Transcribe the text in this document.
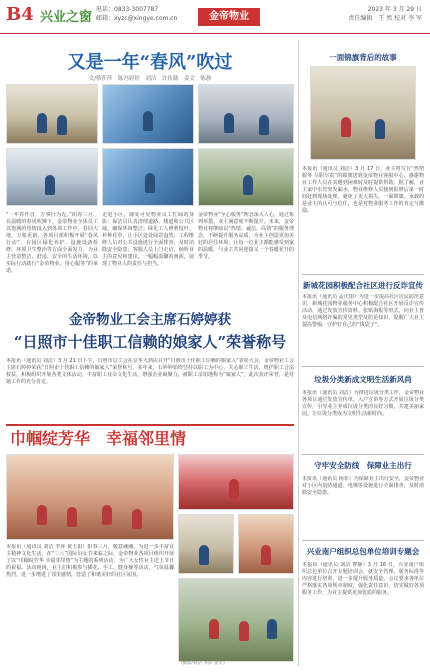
B4 兴业之窗
电话：0833-3007787
邮箱：xyzc@xingye.com.cn	金帝物业
2023 年 3 月 29 日
责任编辑　王 然 校对 李 军
又是一年“春风”吹过
文/蔡莎莎　陈冯婷婷　刘洁　许传薇　姜文　陈静
“一年春作首，万事行为先。”阳春三月，在温暖的春风吹拂下，金帝物业全体员工以饱满的热情投入到各项工作中。春回大地，万象更新，各项目部积极开展“春风行动”，在园区绿化养护、设施设备检修、环境卫生整治等方面全面发力，为业主营造整洁、舒适、安全的生活环境，以实际行动践行“金帝物业，用心服务”的承诺。
走进小区，随处可见物业员工忙碌的身影：保洁员认真清理道路、楼道和公共区域，确保环境整洁；绿化工人修剪枝叶、补种花草，让小区处处绿意盎然；工程维修人员对公共设施进行全面排查，及时消除安全隐患；客服人员上门走访，倾听业主的意见和建议。一幅幅温馨的画面，展现了物业人的责任与担当。
金帝物业“至心服务”理念深入人心，通过系列举措，业主满意度不断提升。未来，金帝物业将继续以“热情、诚信、高效”的服务理念，不断提升服务品质，为业主创造更加美好的居住环境，让每一位业主都能感受到家的温暖，与业主共同迎接又一个春暖花开的季节。
金帝物业工会主席石婷婷获
“日照市十佳职工信赖的娘家人”荣誉称号
本报讯（通讯员 刘洁）3 月 21 日下午，日照市总工会在京华大酒店召开“日照市十佳职工信赖的娘家人”表彰大会，金帝物业工会主席石婷婷荣获“日照市十佳职工信赖的娘家人”荣誉称号。多年来，石婷婷始终坚持以职工为中心，关心职工生活，维护职工合法权益，积极组织开展各类文体活动，丰富职工业余文化生活，增强企业凝聚力，被职工亲切地称为“娘家人”。此次获评荣誉，是对她工作的充分肯定。
巾帼绽芳华　幸福邻里情
本报讯（通讯员 刘洁 李萍 黄玉娟）阳春三月，暖意融融。为进一步丰富业主精神文化生活，在“三八”国际妇女节来临之际，金帝物业各项目组织开展了以“巾帼绽芳华 幸福邻里情”为主题的系列活动，为广大女性业主送上节日的祝福。活动现场，业主们积极参与插花、手工、健身操等活动，气氛温馨热烈，进一步增进了邻里感情，营造了和谐美好的社区氛围。
（摄影/刘洁 李萍 姜文）
一面锦旗背后的故事
本报讯（通讯员 刘洁）3 月 17 日，业主将写有“热情服务 尽职尽责”的锦旗送到金帝物业客服中心，感谢物业工作人员在其遇到困难时及时提供帮助。据了解，业主家中水管突发漏水，物业维修人员接到报修后第一时间赶到现场处理，避免了更大损失。一面锦旗，承载的是业主的认可与信任，也是对物业服务工作的肯定与激励。
新城花园积极配合社区进行反诈宣传
本报讯（通讯员 孟庆娟）为进一步提高社区居民防范意识，新城花园物业服务中心积极配合社区开展反诈宣传活动，通过发放宣传资料、张贴海报等形式，向业主普及电信网络诈骗的常见类型及防范知识，提醒广大业主提高警惕，守护好自己的“钱袋子”。
垃圾分类新成文明生活新风尚
本报讯（通讯员 刘洁）为推进垃圾分类工作，金帝物业各项目通过发放宣传单、入户宣讲等方式开展垃圾分类宣传，引导业主养成垃圾分类的良好习惯，共建美丽家园，让垃圾分类成为文明生活新时尚。
守牢安全防线　保障业主出行
本报讯（通讯员 杨菲）为保障业主出行安全，金帝物业对小区内消防通道、电梯等设施进行全面排查，及时消除安全隐患。
兴业南户组织总包单位培训专题会
本报讯（通讯员 刘洁 曹静）3 月 16 日，兴业南户组织总包单位召开专题培训会，就安全管理、服务标准等内容进行培训，进一步提升服务质量。会议要求各单位严格落实各项规章制度，强化责任意识，切实做好各项服务工作，为业主提供更加优质的服务。
